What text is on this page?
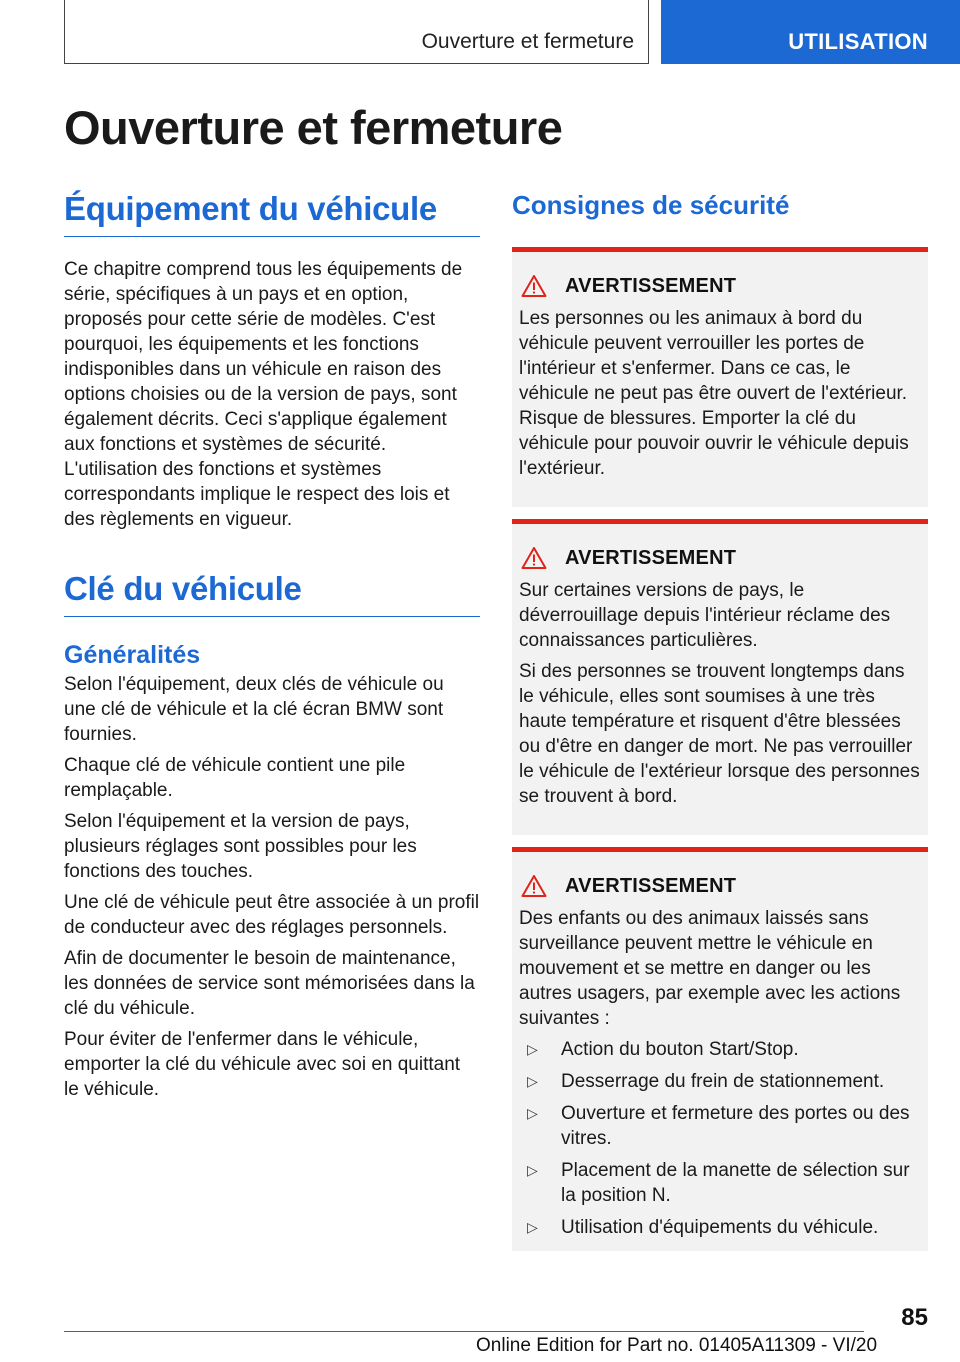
Ouverture et fermeture	UTILISATION
Ouverture et fermeture
Équipement du véhicule

Ce chapitre comprend tous les équipements de série, spécifiques à un pays et en option, proposés pour cette série de modèles. C'est pourquoi, les équipements et les fonctions indisponibles dans un véhicule en raison des options choisies ou de la version de pays, sont également décrits. Ceci s'applique également aux fonctions et systèmes de sécurité. L'utilisation des fonctions et systèmes correspondants implique le respect des lois et des règlements en vigueur.

Clé du véhicule
Généralités

Selon l'équipement, deux clés de véhicule ou une clé de véhicule et la clé écran BMW sont fournies.

Chaque clé de véhicule contient une pile remplaçable.

Selon l'équipement et la version de pays, plusieurs réglages sont possibles pour les fonctions des touches.

Une clé de véhicule peut être associée à un profil de conducteur avec des réglages personnels.

Afin de documenter le besoin de maintenance, les données de service sont mémorisées dans la clé du véhicule.

Pour éviter de l'enfermer dans le véhicule, emporter la clé du véhicule avec soi en quittant le véhicule.

Consignes de sécurité
AVERTISSEMENT

Les personnes ou les animaux à bord du véhicule peuvent verrouiller les portes de l'intérieur et s'enfermer. Dans ce cas, le véhicule ne peut pas être ouvert de l'extérieur. Risque de blessures. Emporter la clé du véhicule pour pouvoir ouvrir le véhicule depuis l'extérieur.

AVERTISSEMENT

Sur certaines versions de pays, le déverrouillage depuis l'intérieur réclame des connaissances particulières.

Si des personnes se trouvent longtemps dans le véhicule, elles sont soumises à une très haute température et risquent d'être blessées ou d'être en danger de mort. Ne pas verrouiller le véhicule de l'extérieur lorsque des personnes se trouvent à bord.

AVERTISSEMENT

Des enfants ou des animaux laissés sans surveillance peuvent mettre le véhicule en mouvement et se mettre en danger ou les autres usagers, par exemple avec les actions suivantes :

▷	Action du bouton Start/Stop.
▷	Desserrage du frein de stationnement.
▷	Ouverture et fermeture des portes ou des vitres.
▷	Placement de la manette de sélection sur la position N.
▷	Utilisation d'équipements du véhicule.
85
Online Edition for Part no. 01405A11309 - VI/20
